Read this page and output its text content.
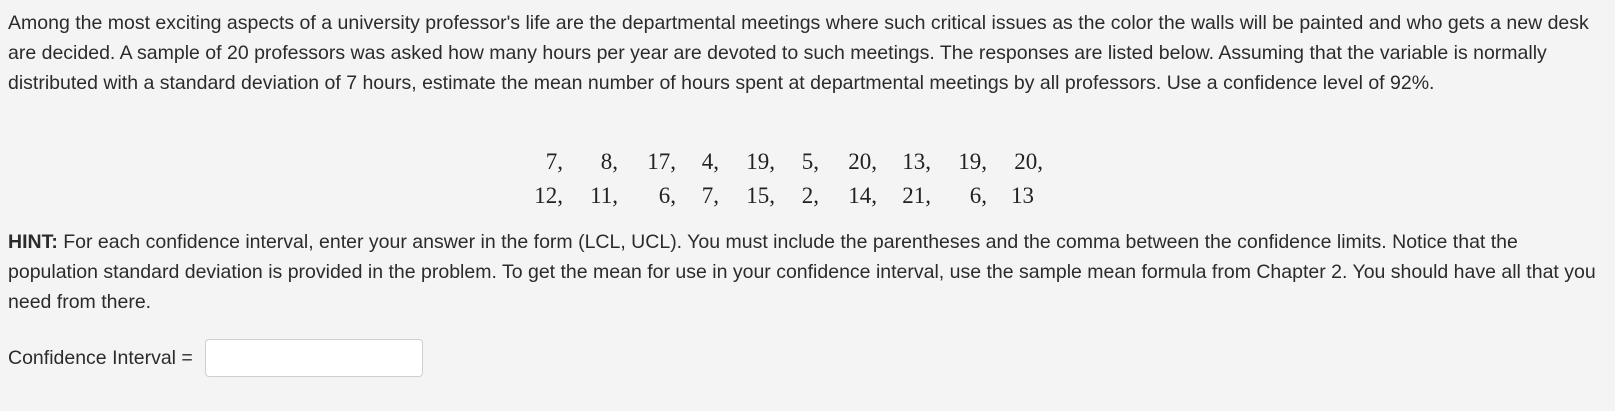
Among the most exciting aspects of a university professor's life are the departmental meetings where such critical issues as the color the walls will be painted and who gets a new desk are decided. A sample of 20 professors was asked how many hours per year are devoted to such meetings. The responses are listed below. Assuming that the variable is normally distributed with a standard deviation of 7 hours, estimate the mean number of hours spent at departmental meetings by all professors. Use a confidence level of 92%.

7,	8,	17,	4,	19,	5,	20,	13,	19,	20,
12,	11,	6,	7,	15,	2,	14,	21,	6,	13

HINT: For each confidence interval, enter your answer in the form (LCL, UCL). You must include the parentheses and the comma between the confidence limits. Notice that the population standard deviation is provided in the problem. To get the mean for use in your confidence interval, use the sample mean formula from Chapter 2. You should have all that you need from there.

Confidence Interval =
